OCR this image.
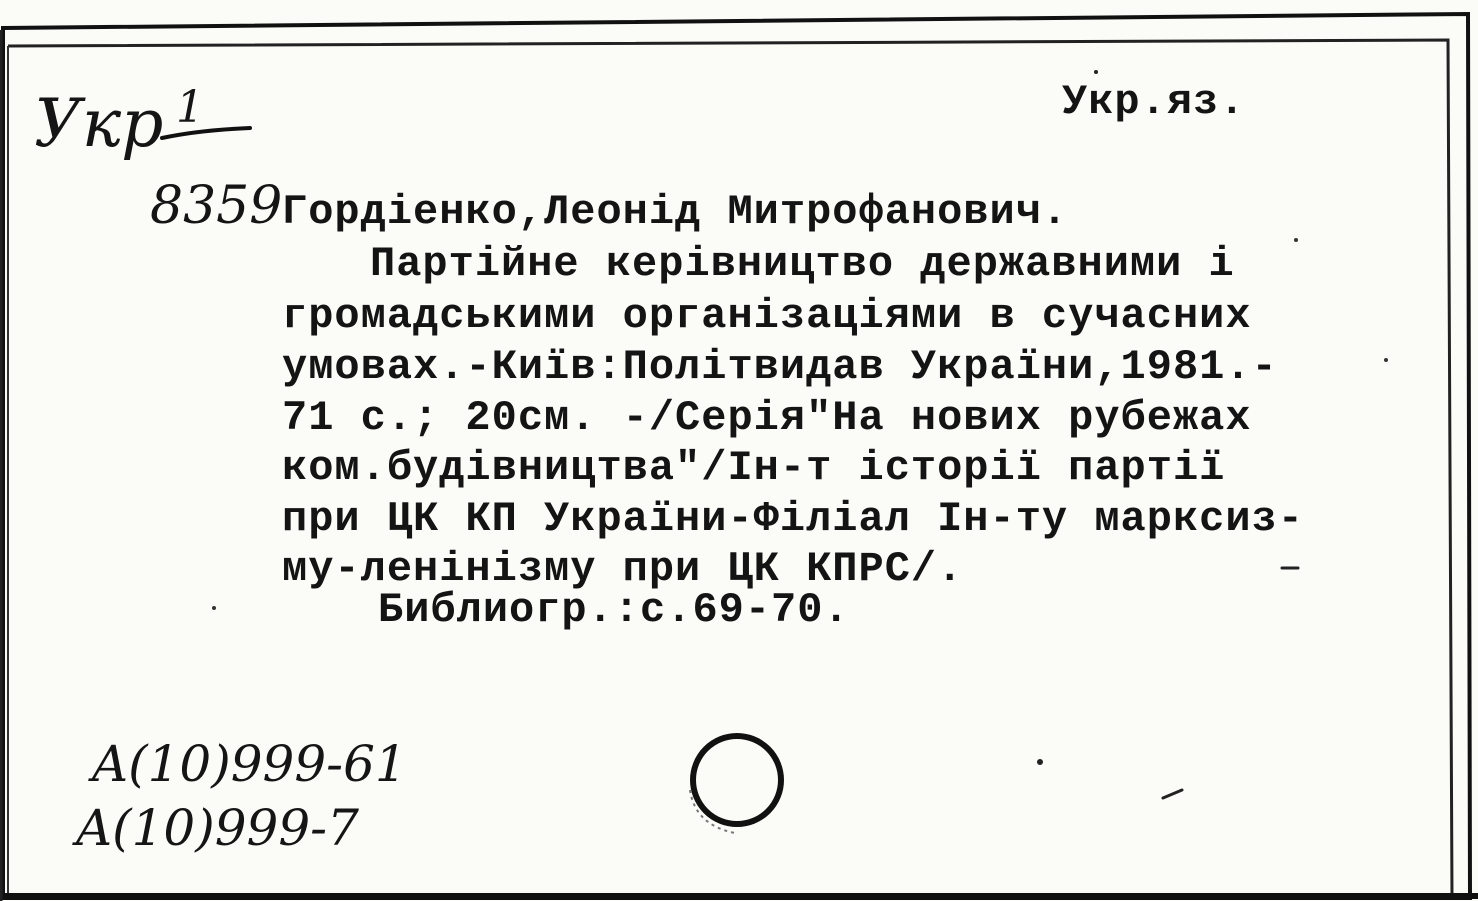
Укр.яз.
Гордіенко,Леонід Митрофанович.
Партійне керівництво державними і
громадськими організаціями в сучасних
умовах.-Київ:Політвидав України,1981.-
71 с.; 20см. -/Серія"На нових рубежах
ком.будівництва"/Ін-т історії партії
при ЦК КП України-Філіал Ін-ту марксиз-
му-ленінізму при ЦК КПРС/.
Библиогр.:с.69-70.
Укр 1
8359
A(10)999-61
A(10)999-7
